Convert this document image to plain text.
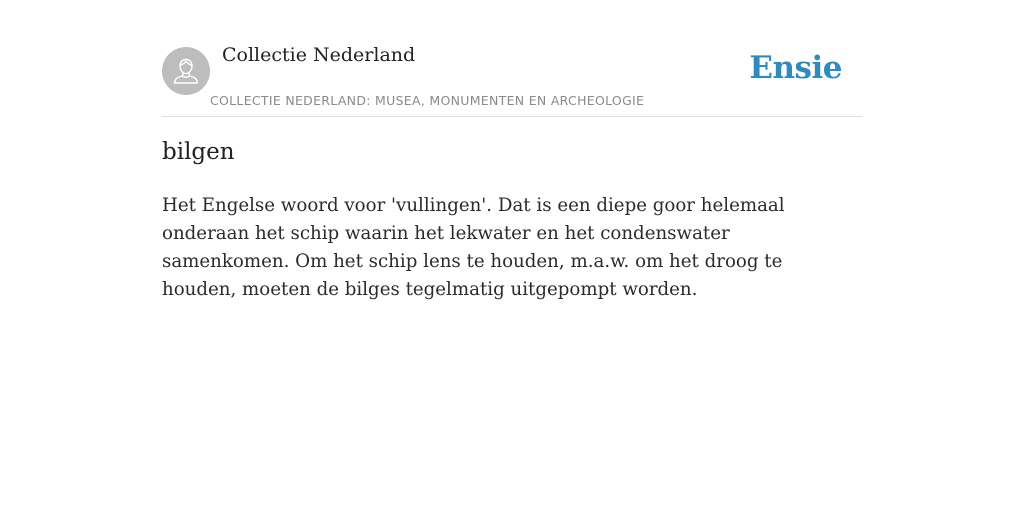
Collectie Nederland
COLLECTIE NEDERLAND: MUSEA, MONUMENTEN EN ARCHEOLOGIE
Ensie
bilgen

Het Engelse woord voor 'vullingen'. Dat is een diepe goor helemaal onderaan het schip waarin het lekwater en het condenswater samenkomen. Om het schip lens te houden, m.a.w. om het droog te houden, moeten de bilges tegelmatig uitgepompt worden.
